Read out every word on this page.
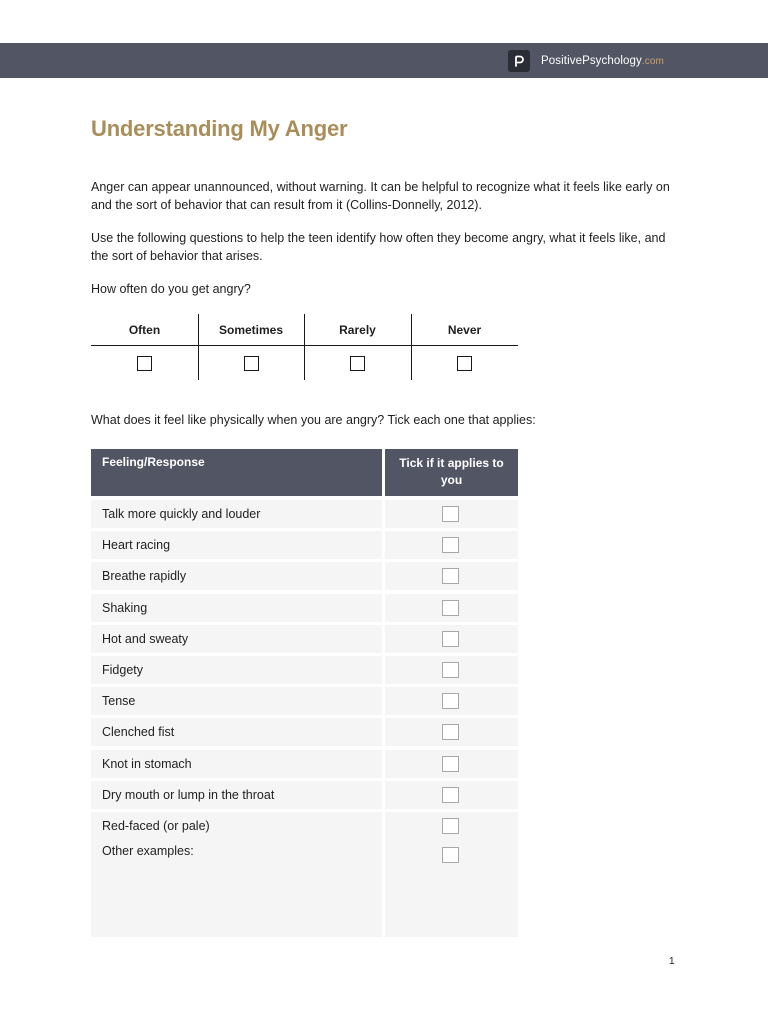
PositivePsychology.com
Understanding My Anger

Anger can appear unannounced, without warning. It can be helpful to recognize what it feels like early on and the sort of behavior that can result from it (Collins-Donnelly, 2012).

Use the following questions to help the teen identify how often they become angry, what it feels like, and the sort of behavior that arises.

How often do you get angry?

Often	Sometimes	Rarely	Never

What does it feel like physically when you are angry? Tick each one that applies:

Feeling/Response	Tick if it applies to you
Talk more quickly and louder
Heart racing
Breathe rapidly
Shaking
Hot and sweaty
Fidgety
Tense
Clenched fist
Knot in stomach
Dry mouth or lump in the throat
Red-faced (or pale)
Other examples:
1
